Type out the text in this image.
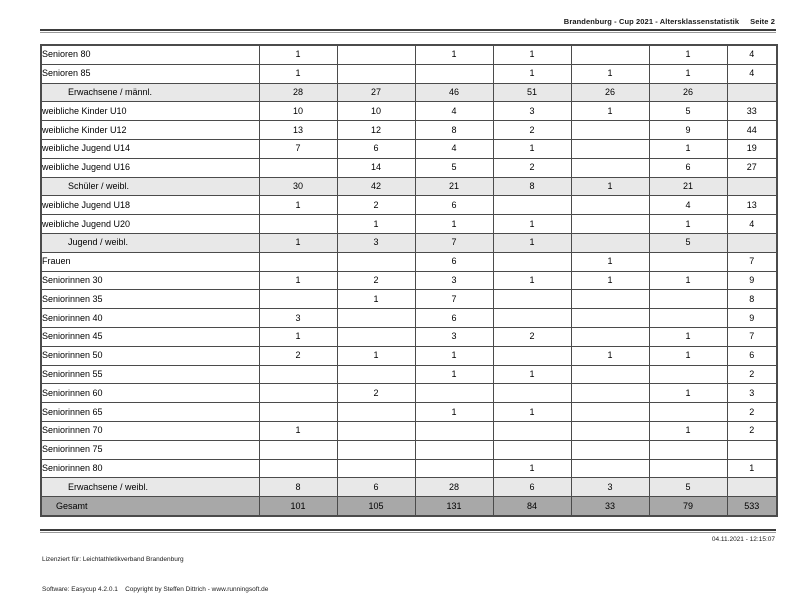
Brandenburg - Cup 2021 - Altersklassenstatistik Seite 2
Senioren 80	1		1	1		1	4
Senioren 85	1			1	1	1	4
Erwachsene / männl.	28	27	46	51	26	26	
weibliche Kinder U10	10	10	4	3	1	5	33
weibliche Kinder U12	13	12	8	2		9	44
weibliche Jugend U14	7	6	4	1		1	19
weibliche Jugend U16		14	5	2		6	27
Schüler / weibl.	30	42	21	8	1	21	
weibliche Jugend U18	1	2	6			4	13
weibliche Jugend U20		1	1	1		1	4
Jugend / weibl.	1	3	7	1		5	
Frauen			6		1		7
Seniorinnen 30	1	2	3	1	1	1	9
Seniorinnen 35		1	7				8
Seniorinnen 40	3		6				9
Seniorinnen 45	1		3	2		1	7
Seniorinnen 50	2	1	1		1	1	6
Seniorinnen 55			1	1			2
Seniorinnen 60		2				1	3
Seniorinnen 65			1	1			2
Seniorinnen 70	1					1	2
Seniorinnen 75							
Seniorinnen 80				1			1
Erwachsene / weibl.	8	6	28	6	3	5	
Gesamt	101	105	131	84	33	79	533

Lizenziert für: Leichtathletikverband Brandenburg

Software: Easycup 4.2.0.1    Copyright by Steffen Dittrich - www.runningsoft.de

04.11.2021 - 12:15:07
